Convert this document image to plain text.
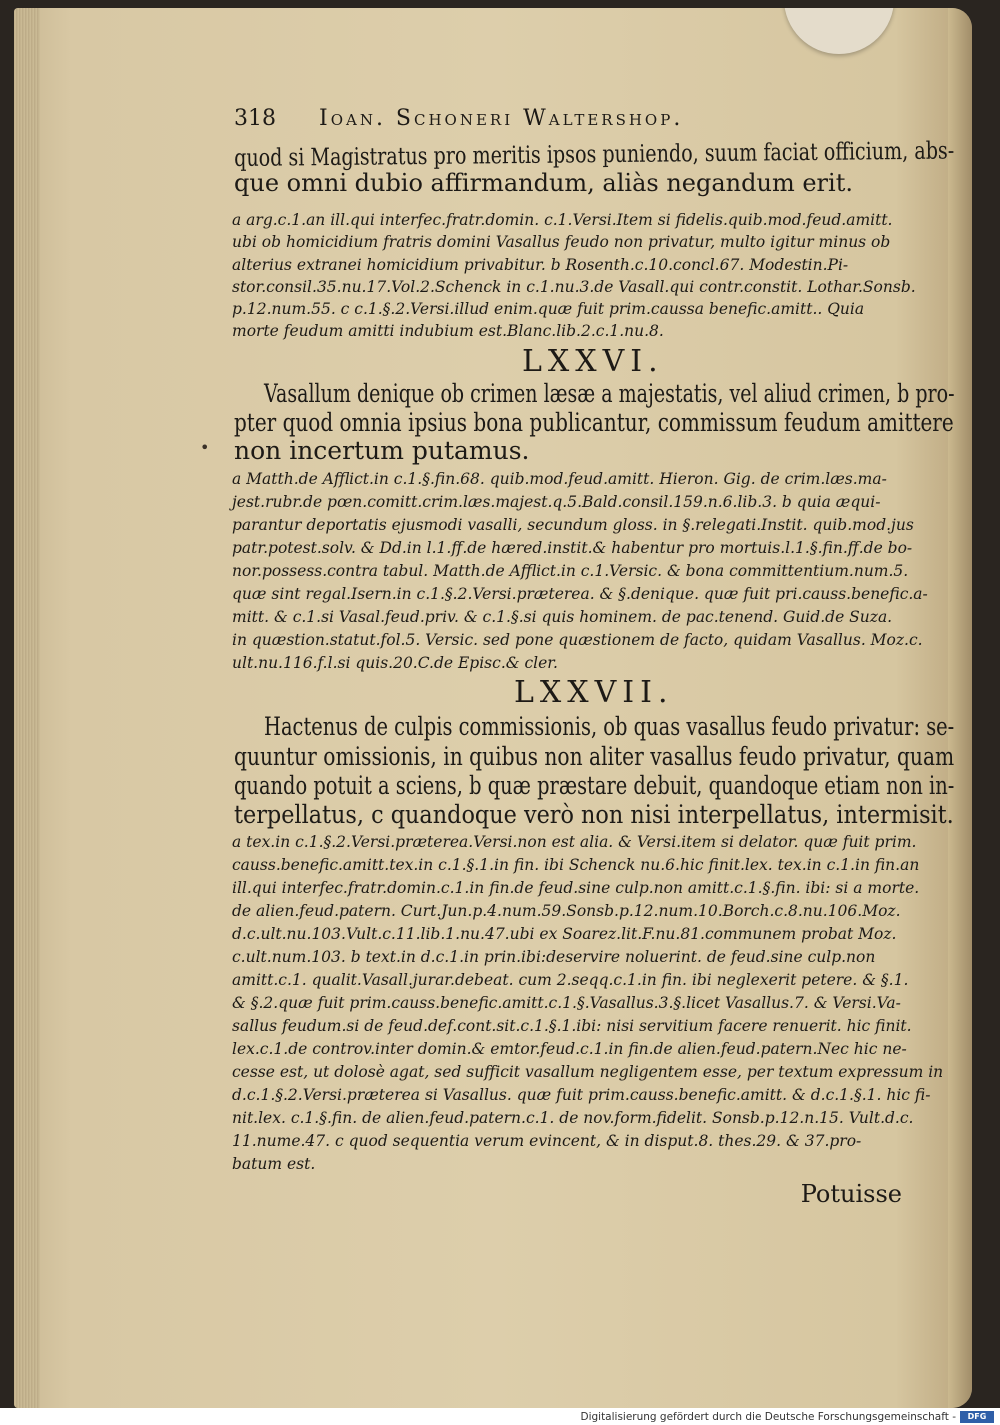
318 Ioan. Schoneri Waltershop.
quod si Magistratus pro meritis ipsos puniendo, suum faciat officium, abs-
que omni dubio affirmandum, aliàs negandum erit.
a arg.c.1.an ill.qui interfec.fratr.domin. c.1.Versi.Item si fidelis.quib.mod.feud.amitt.
ubi ob homicidium fratris domini Vasallus feudo non privatur, multo igitur minus ob
alterius extranei homicidium privabitur. b Rosenth.c.10.concl.67. Modestin.Pi-
stor.consil.35.nu.17.Vol.2.Schenck in c.1.nu.3.de Vasall.qui contr.constit. Lothar.Sonsb.
p.12.num.55. c c.1.§.2.Versi.illud enim.quæ fuit prim.caussa benefic.amitt.. Quia
morte feudum amitti indubium est.Blanc.lib.2.c.1.nu.8.
LXXVI.
Vasallum denique ob crimen læsæ a majestatis, vel aliud crimen, b pro-
pter quod omnia ipsius bona publicantur, commissum feudum amittere
non incertum putamus.
•
a Matth.de Afflict.in c.1.§.fin.68. quib.mod.feud.amitt. Hieron. Gig. de crim.læs.ma-
jest.rubr.de pœn.comitt.crim.læs.majest.q.5.Bald.consil.159.n.6.lib.3. b quia æqui-
parantur deportatis ejusmodi vasalli, secundum gloss. in §.relegati.Instit. quib.mod.jus
patr.potest.solv. & Dd.in l.1.ff.de hæred.instit.& habentur pro mortuis.l.1.§.fin.ff.de bo-
nor.possess.contra tabul. Matth.de Afflict.in c.1.Versic. & bona committentium.num.5.
quæ sint regal.Isern.in c.1.§.2.Versi.præterea. & §.denique. quæ fuit pri.causs.benefic.a-
mitt. & c.1.si Vasal.feud.priv. & c.1.§.si quis hominem. de pac.tenend. Guid.de Suza.
in quæstion.statut.fol.5. Versic. sed pone quæstionem de facto, quidam Vasallus. Moz.c.
ult.nu.116.f.l.si quis.20.C.de Episc.& cler.
LXXVII.
Hactenus de culpis commissionis, ob quas vasallus feudo privatur: se-
quuntur omissionis, in quibus non aliter vasallus feudo privatur, quam
quando potuit a sciens, b quæ præstare debuit, quandoque etiam non in-
terpellatus, c quandoque verò non nisi interpellatus, intermisit.
a tex.in c.1.§.2.Versi.præterea.Versi.non est alia. & Versi.item si delator. quæ fuit prim.
causs.benefic.amitt.tex.in c.1.§.1.in fin. ibi Schenck nu.6.hic finit.lex. tex.in c.1.in fin.an
ill.qui interfec.fratr.domin.c.1.in fin.de feud.sine culp.non amitt.c.1.§.fin. ibi: si a morte.
de alien.feud.patern. Curt.Jun.p.4.num.59.Sonsb.p.12.num.10.Borch.c.8.nu.106.Moz.
d.c.ult.nu.103.Vult.c.11.lib.1.nu.47.ubi ex Soarez.lit.F.nu.81.communem probat Moz.
c.ult.num.103. b text.in d.c.1.in prin.ibi:deservire noluerint. de feud.sine culp.non
amitt.c.1. qualit.Vasall.jurar.debeat. cum 2.seqq.c.1.in fin. ibi neglexerit petere. & §.1.
& §.2.quæ fuit prim.causs.benefic.amitt.c.1.§.Vasallus.3.§.licet Vasallus.7. & Versi.Va-
sallus feudum.si de feud.def.cont.sit.c.1.§.1.ibi: nisi servitium facere renuerit. hic finit.
lex.c.1.de controv.inter domin.& emtor.feud.c.1.in fin.de alien.feud.patern.Nec hic ne-
cesse est, ut dolosè agat, sed sufficit vasallum negligentem esse, per textum expressum in
d.c.1.§.2.Versi.præterea si Vasallus. quæ fuit prim.causs.benefic.amitt. & d.c.1.§.1. hic fi-
nit.lex. c.1.§.fin. de alien.feud.patern.c.1. de nov.form.fidelit. Sonsb.p.12.n.15. Vult.d.c.
11.nume.47. c quod sequentia verum evincent, & in disput.8. thes.29. & 37.pro-
batum est.
Potuisse
Digitalisierung gefördert durch die Deutsche Forschungsgemeinschaft -	DFG
